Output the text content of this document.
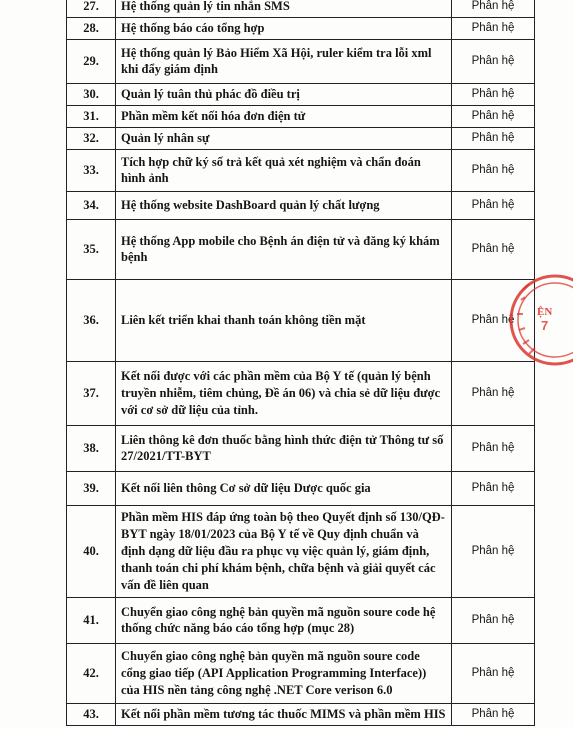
27.	Hệ thống quản lý tin nhắn SMS	Phân hệ
28.	Hệ thống báo cáo tổng hợp	Phân hệ
29.	Hệ thống quản lý Bảo Hiểm Xã Hội, ruler kiểm tra lỗi xml khi đẩy giám định	Phân hệ
30.	Quản lý tuân thủ phác đồ điều trị	Phân hệ
31.	Phần mềm kết nối hóa đơn điện tử	Phân hệ
32.	Quản lý nhân sự	Phân hệ
33.	Tích hợp chữ ký số trả kết quả xét nghiệm và chẩn đoán hình ảnh	Phân hệ
34.	Hệ thống website DashBoard quản lý chất lượng	Phân hệ
35.	Hệ thống App mobile cho Bệnh án điện tử và đăng ký khám bệnh	Phân hệ
36.	Liên kết triển khai thanh toán không tiền mặt	Phân hệ
37.	Kết nối được với các phần mềm của Bộ Y tế (quản lý bệnh truyền nhiễm, tiêm chủng, Đề án 06) và chia sẻ dữ liệu được với cơ sở dữ liệu của tỉnh.	Phân hệ
38.	Liên thông kê đơn thuốc bằng hình thức điện tử Thông tư số 27/2021/TT-BYT	Phân hệ
39.	Kết nối liên thông Cơ sở dữ liệu Dược quốc gia	Phân hệ
40.	Phần mềm HIS đáp ứng toàn bộ theo Quyết định số 130/QĐ-BYT ngày 18/01/2023 của Bộ Y tế về Quy định chuẩn và định dạng dữ liệu đầu ra phục vụ việc quản lý, giám định, thanh toán chi phí khám bệnh, chữa bệnh và giải quyết các vấn đề liên quan	Phân hệ
41.	Chuyển giao công nghệ bản quyền mã nguồn soure code hệ thống chức năng báo cáo tổng hợp (mục 28)	Phân hệ
42.	Chuyển giao công nghệ bản quyền mã nguồn soure code cổng giao tiếp (API Application Programming Interface)) của HIS nền tảng công nghệ .NET Core verison 6.0	Phân hệ
43.	Kết nối phần mềm tương tác thuốc MIMS và phần mềm HIS	Phân hệ
ỆN
7
